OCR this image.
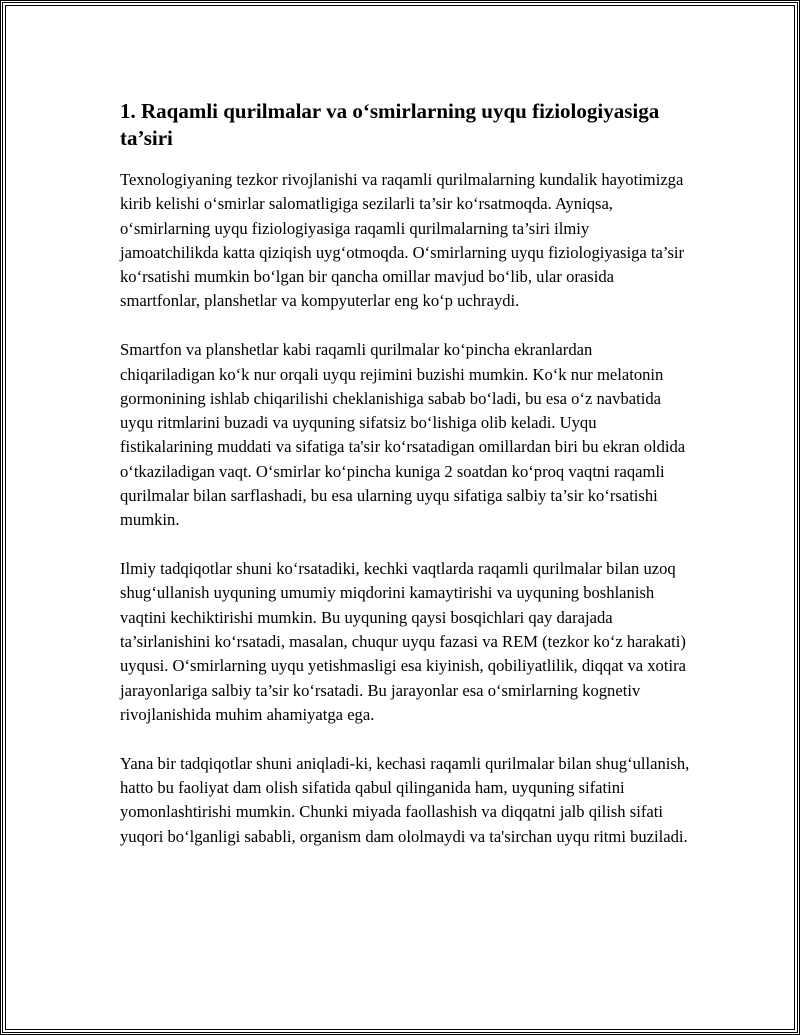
1. Raqamli qurilmalar va o‘smirlarning uyqu fiziologiyasiga ta’siri

Texnologiyaning tezkor rivojlanishi va raqamli qurilmalarning kundalik hayotimizga kirib kelishi o‘smirlar salomatligiga sezilarli ta’sir ko‘rsatmoqda. Ayniqsa, o‘smirlarning uyqu fiziologiyasiga raqamli qurilmalarning ta’siri ilmiy jamoatchilikda katta qiziqish uyg‘otmoqda. O‘smirlarning uyqu fiziologiyasiga ta’sir ko‘rsatishi mumkin bo‘lgan bir qancha omillar mavjud bo‘lib, ular orasida smartfonlar, planshetlar va kompyuterlar eng ko‘p uchraydi.

Smartfon va planshetlar kabi raqamli qurilmalar ko‘pincha ekranlardan chiqariladigan ko‘k nur orqali uyqu rejimini buzishi mumkin. Ko‘k nur melatonin gormonining ishlab chiqarilishi cheklanishiga sabab bo‘ladi, bu esa o‘z navbatida uyqu ritmlarini buzadi va uyquning sifatsiz bo‘lishiga olib keladi. Uyqu fistikalarining muddati va sifatiga ta'sir ko‘rsatadigan omillardan biri bu ekran oldida o‘tkaziladigan vaqt. O‘smirlar ko‘pincha kuniga 2 soatdan ko‘proq vaqtni raqamli qurilmalar bilan sarflashadi, bu esa ularning uyqu sifatiga salbiy ta’sir ko‘rsatishi mumkin.

Ilmiy tadqiqotlar shuni ko‘rsatadiki, kechki vaqtlarda raqamli qurilmalar bilan uzoq shug‘ullanish uyquning umumiy miqdorini kamaytirishi va uyquning boshlanish vaqtini kechiktirishi mumkin. Bu uyquning qaysi bosqichlari qay darajada ta’sirlanishini ko‘rsatadi, masalan, chuqur uyqu fazasi va REM (tezkor ko‘z harakati) uyqusi. O‘smirlarning uyqu yetishmasligi esa kiyinish, qobiliyatlilik, diqqat va xotira jarayonlariga salbiy ta’sir ko‘rsatadi. Bu jarayonlar esa o‘smirlarning kognetiv rivojlanishida muhim ahamiyatga ega.

Yana bir tadqiqotlar shuni aniqladi-ki, kechasi raqamli qurilmalar bilan shug‘ullanish, hatto bu faoliyat dam olish sifatida qabul qilinganida ham, uyquning sifatini yomonlashtirishi mumkin. Chunki miyada faollashish va diqqatni jalb qilish sifati yuqori bo‘lganligi sababli, organism dam ololmaydi va ta'sirchan uyqu ritmi buziladi.
